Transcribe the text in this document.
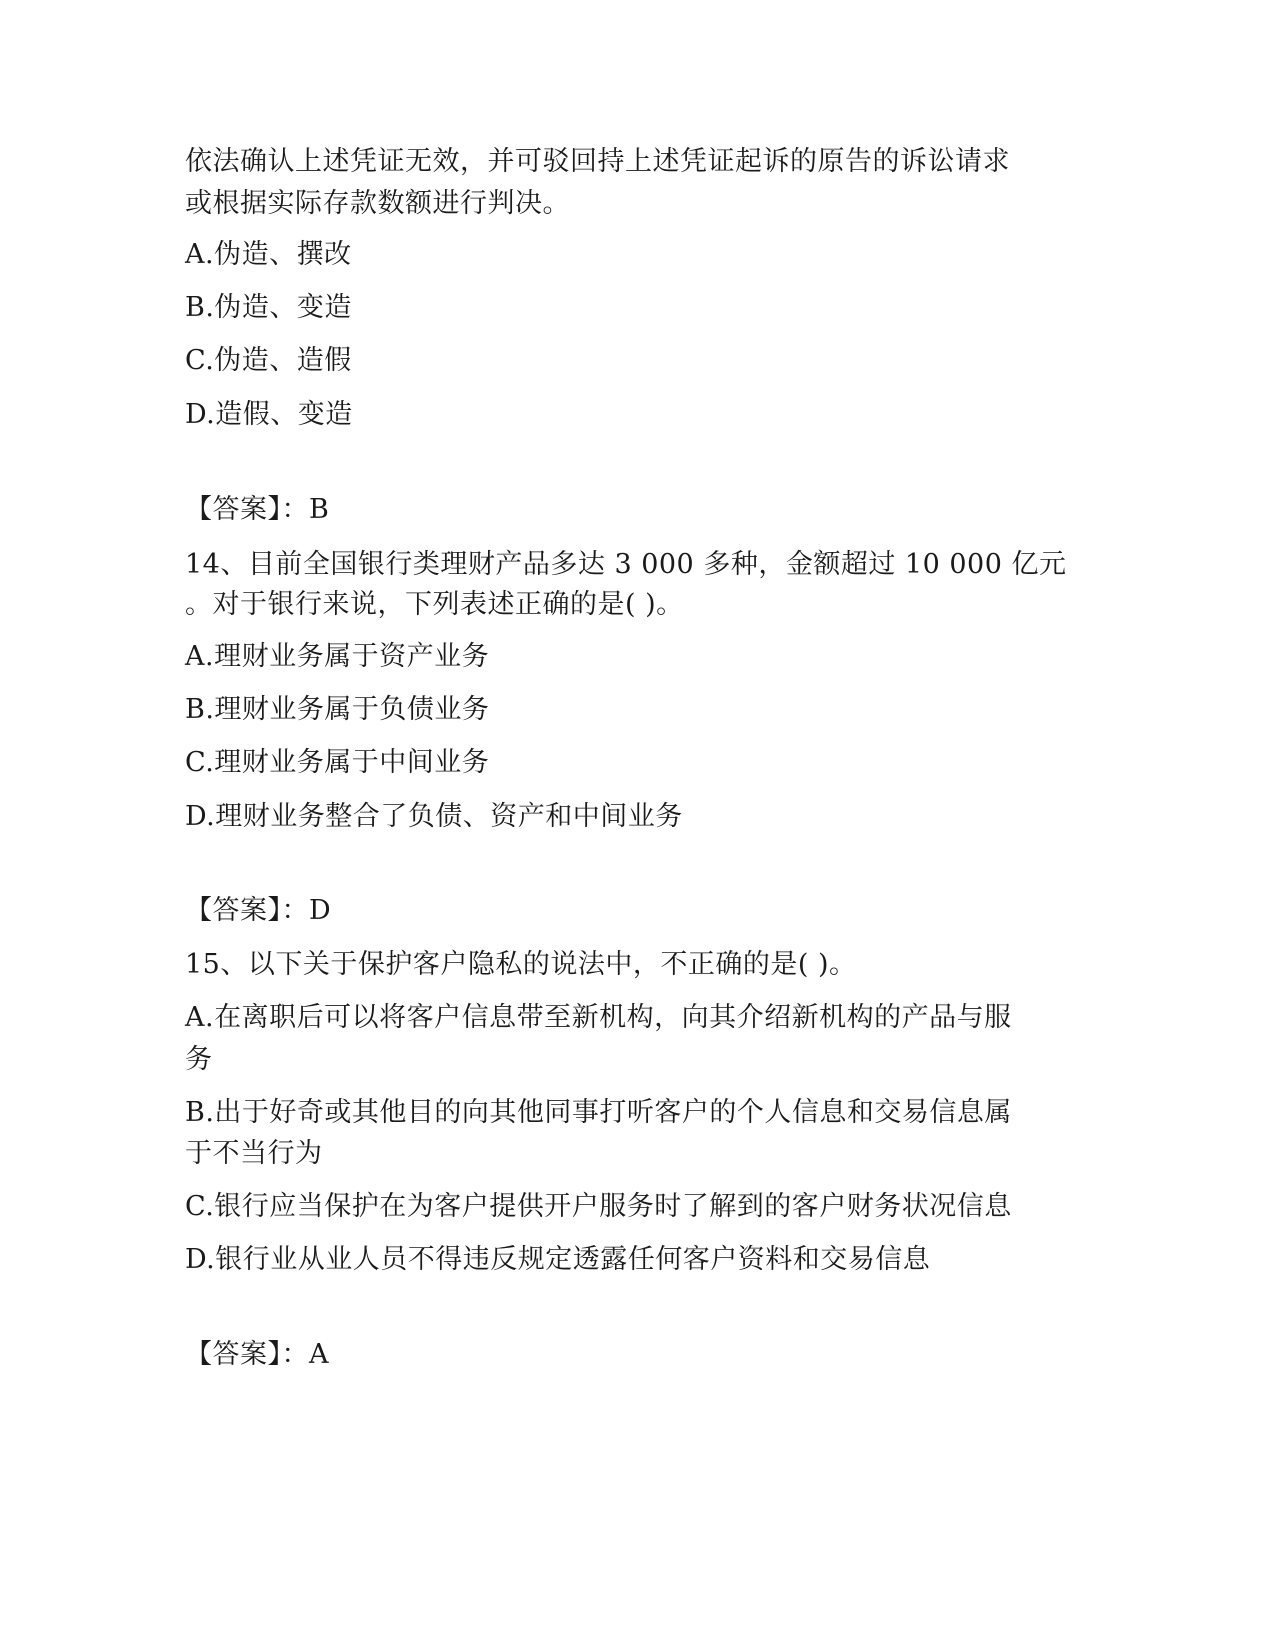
依法确认上述凭证无效，并可驳回持上述凭证起诉的原告的诉讼请求
或根据实际存款数额进行判决。
A.伪造、撰改
B.伪造、变造
C.伪造、造假
D.造假、变造
【答案】：B
14、目前全国银行类理财产品多达 3 000 多种，金额超过 10 000 亿元
。对于银行来说，下列表述正确的是( )。
A.理财业务属于资产业务
B.理财业务属于负债业务
C.理财业务属于中间业务
D.理财业务整合了负债、资产和中间业务
【答案】：D
15、以下关于保护客户隐私的说法中，不正确的是( )。
A.在离职后可以将客户信息带至新机构，向其介绍新机构的产品与服
务
B.出于好奇或其他目的向其他同事打听客户的个人信息和交易信息属
于不当行为
C.银行应当保护在为客户提供开户服务时了解到的客户财务状况信息
D.银行业从业人员不得违反规定透露任何客户资料和交易信息
【答案】：A
